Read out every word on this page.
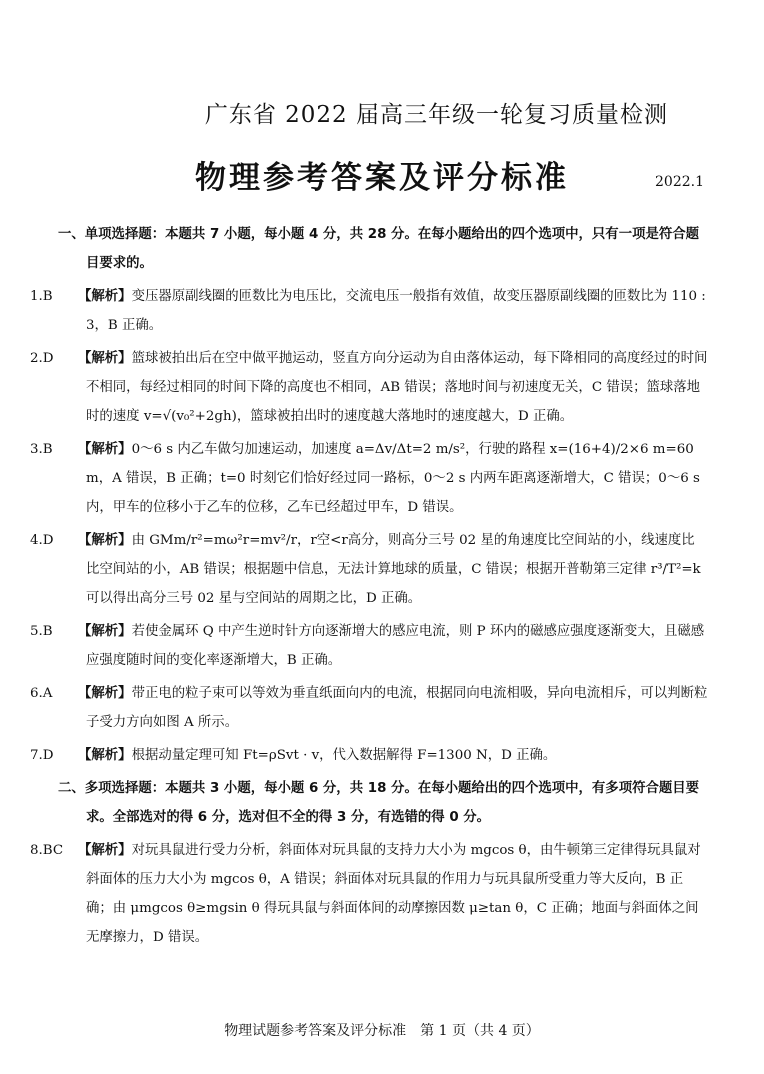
广东省 2022 届高三年级一轮复习质量检测
物理参考答案及评分标准	2022.1

一、单项选择题：本题共 7 小题，每小题 4 分，共 28 分。在每小题给出的四个选项中，只有一项是符合题目要求的。

1.B 【解析】变压器原副线圈的匝数比为电压比，交流电压一般指有效值，故变压器原副线圈的匝数比为 110 : 3，B 正确。

2.D 【解析】篮球被拍出后在空中做平抛运动，竖直方向分运动为自由落体运动，每下降相同的高度经过的时间不相同，每经过相同的时间下降的高度也不相同，AB 错误；落地时间与初速度无关，C 错误；篮球落地时的速度 v=√(v₀²+2gh)，篮球被拍出时的速度越大落地时的速度越大，D 正确。

3.B 【解析】0～6 s 内乙车做匀加速运动，加速度 a=Δv/Δt=2 m/s²，行驶的路程 x=(16+4)/2×6 m=60 m，A 错误，B 正确；t=0 时刻它们恰好经过同一路标，0～2 s 内两车距离逐渐增大，C 错误；0～6 s 内，甲车的位移小于乙车的位移，乙车已经超过甲车，D 错误。

4.D 【解析】由 GMm/r²=mω²r=mv²/r，r空<r高分，则高分三号 02 星的角速度比空间站的小，线速度比比空间站的小，AB 错误；根据题中信息，无法计算地球的质量，C 错误；根据开普勒第三定律 r³/T²=k 可以得出高分三号 02 星与空间站的周期之比，D 正确。

5.B 【解析】若使金属环 Q 中产生逆时针方向逐渐增大的感应电流，则 P 环内的磁感应强度逐渐变大，且磁感应强度随时间的变化率逐渐增大，B 正确。

6.A 【解析】带正电的粒子束可以等效为垂直纸面向内的电流，根据同向电流相吸，异向电流相斥，可以判断粒子受力方向如图 A 所示。

7.D 【解析】根据动量定理可知 Ft=ρSvt · v，代入数据解得 F=1300 N，D 正确。

二、多项选择题：本题共 3 小题，每小题 6 分，共 18 分。在每小题给出的四个选项中，有多项符合题目要求。全部选对的得 6 分，选对但不全的得 3 分，有选错的得 0 分。

8.BC 【解析】对玩具鼠进行受力分析，斜面体对玩具鼠的支持力大小为 mgcos θ，由牛顿第三定律得玩具鼠对斜面体的压力大小为 mgcos θ，A 错误；斜面体对玩具鼠的作用力与玩具鼠所受重力等大反向，B 正确；由 μmgcos θ≥mgsin θ 得玩具鼠与斜面体间的动摩擦因数 μ≥tan θ，C 正确；地面与斜面体之间无摩擦力，D 错误。

物理试题参考答案及评分标准　第 1 页（共 4 页）
